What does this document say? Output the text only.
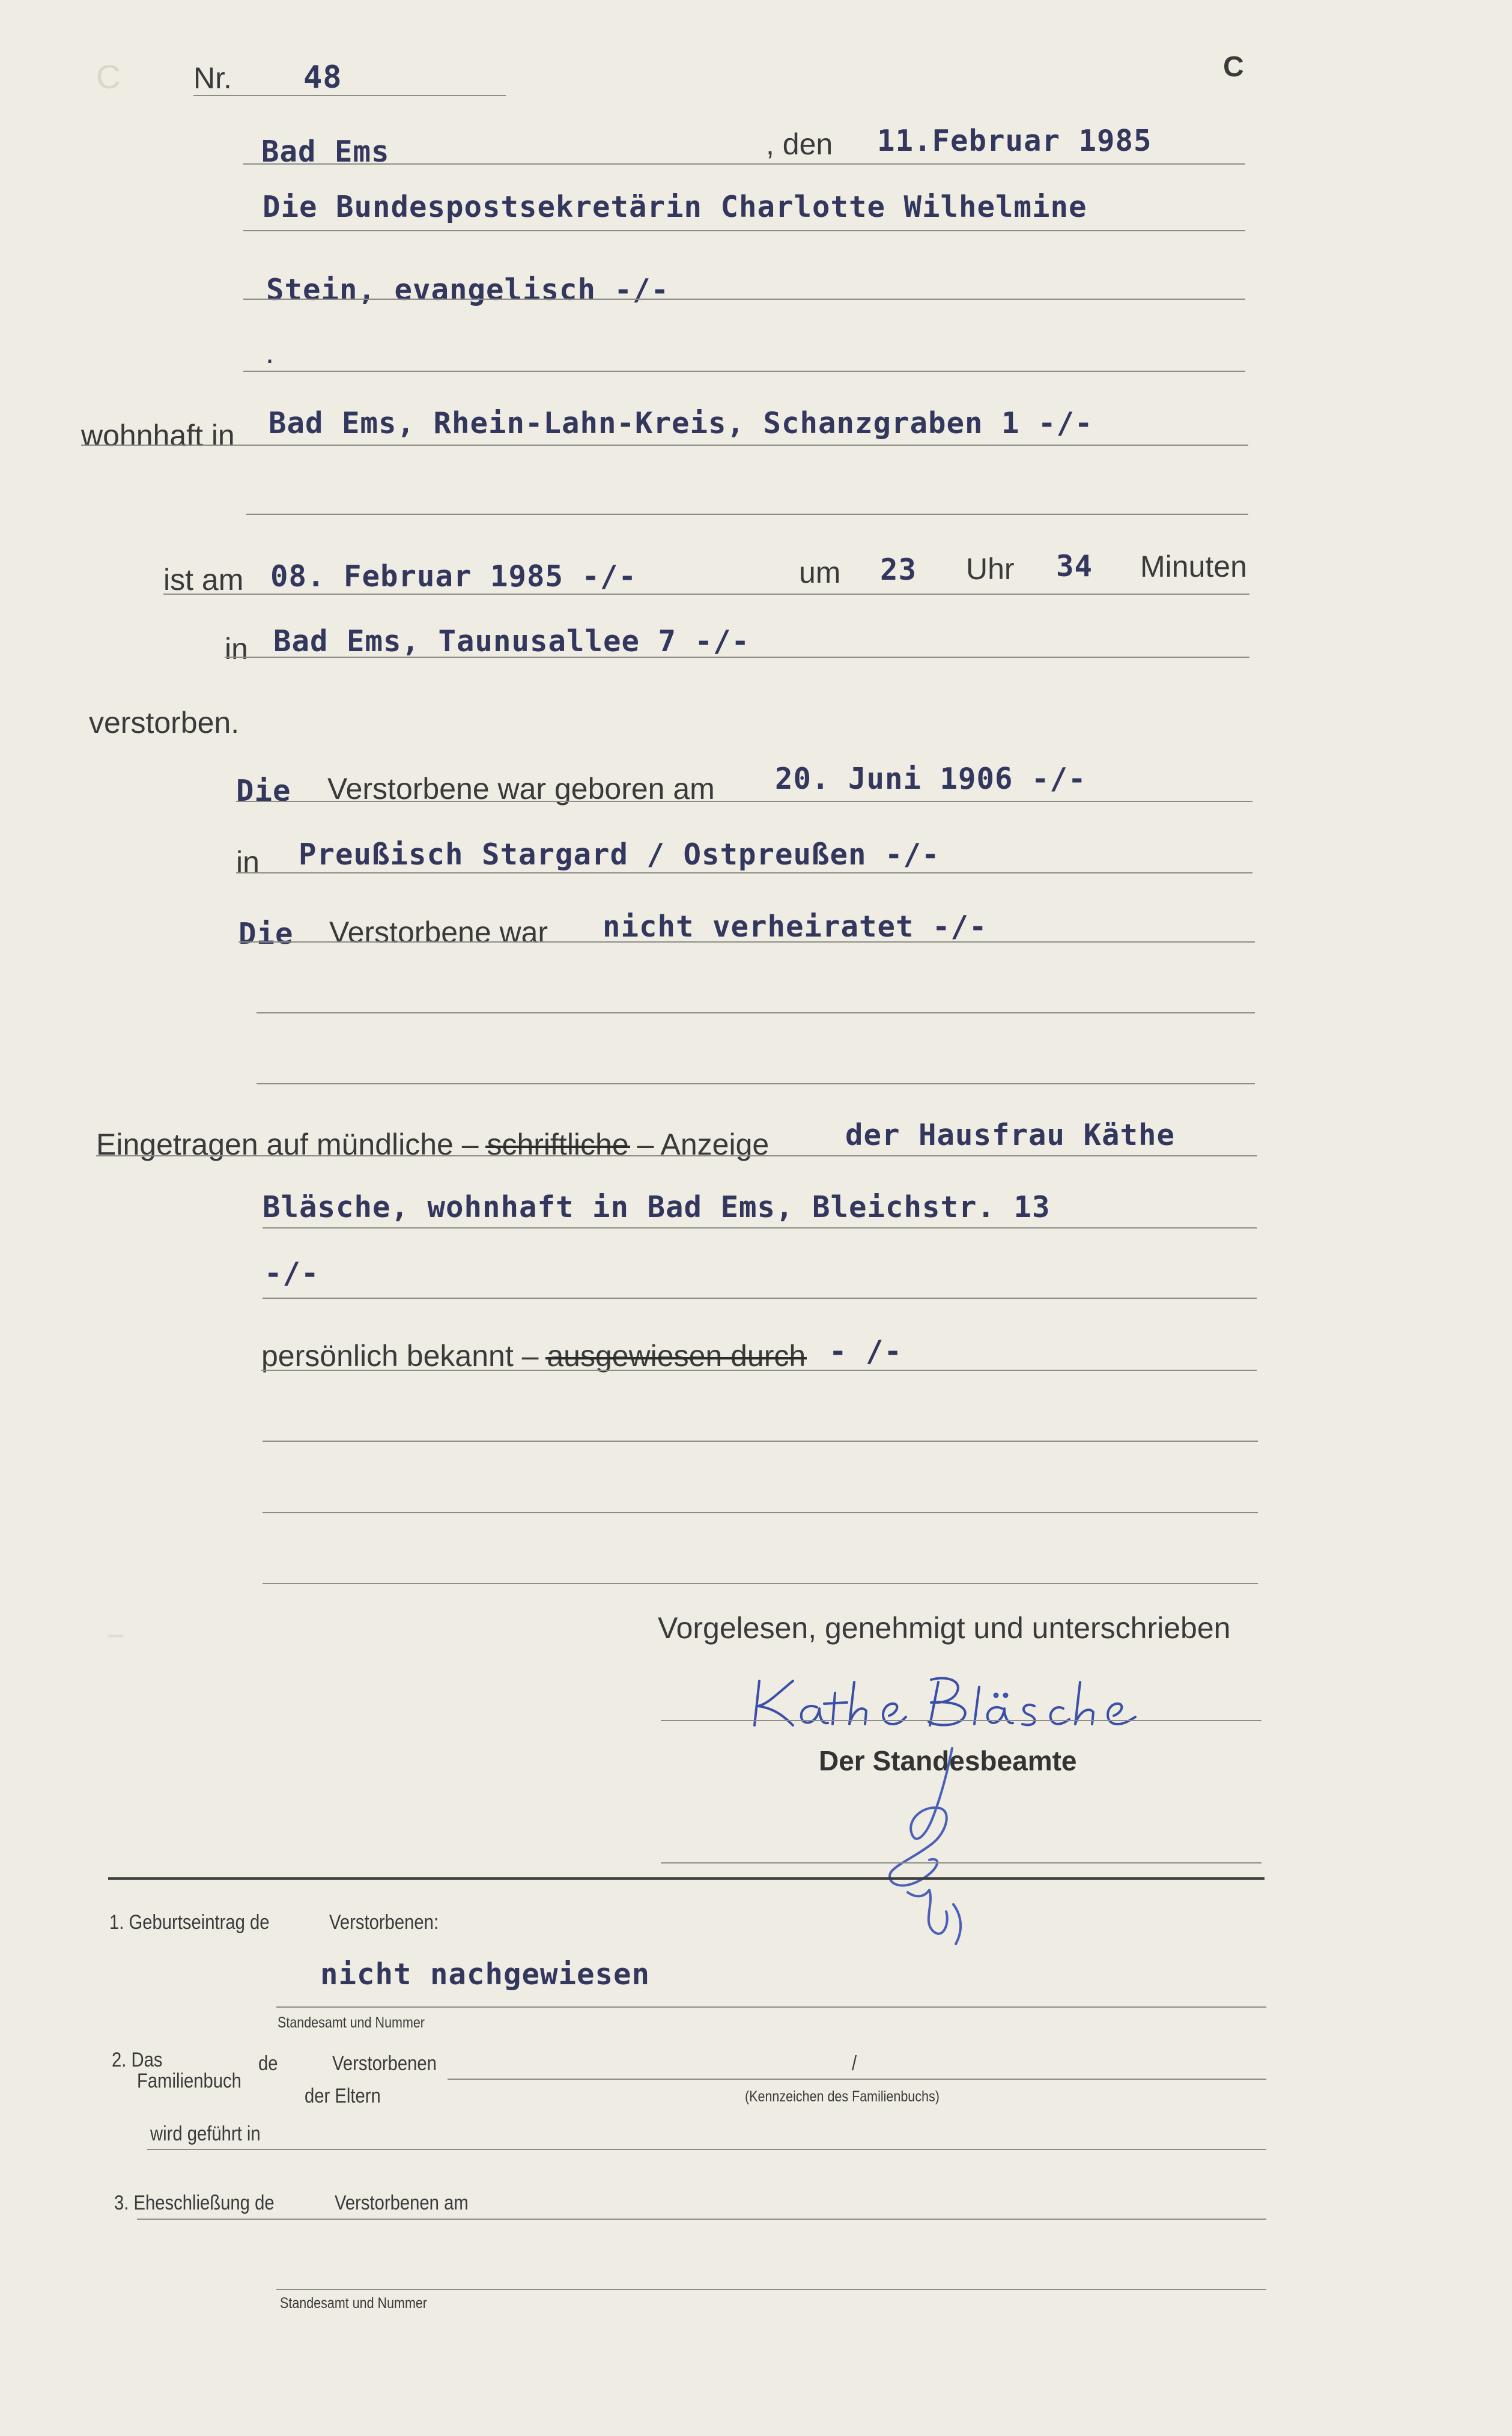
C
⎯
Nr. 48	C
Bad Ems	, den 11.Februar 1985
Die Bundespostsekretärin Charlotte Wilhelmine
Stein, evangelisch -/-
.
wohnhaft in Bad Ems, Rhein-Lahn-Kreis, Schanzgraben 1 -/-
ist am 08. Februar 1985 -/-	um 23 Uhr 34 Minuten
in Bad Ems, Taunusallee 7 -/-
verstorben.
Die Verstorbene war geboren am 20. Juni 1906 -/-
in Preußisch Stargard / Ostpreußen -/-
Die Verstorbene war nicht verheiratet -/-
Eingetragen auf mündliche – schriftliche – Anzeige	der Hausfrau Käthe
Bläsche, wohnhaft in Bad Ems, Bleichstr. 13
-/-
persönlich bekannt – ausgewiesen durch - /-
Vorgelesen, genehmigt und unterschrieben
Der Standesbeamte
1. Geburtseintrag de	Verstorbenen:
nicht nachgewiesen
Standesamt und Nummer
2. Das
Familienbuch
de	Verstorbenen	/
der Eltern	(Kennzeichen des Familienbuchs)
wird geführt in
3. Eheschließung de	Verstorbenen am
Standesamt und Nummer
